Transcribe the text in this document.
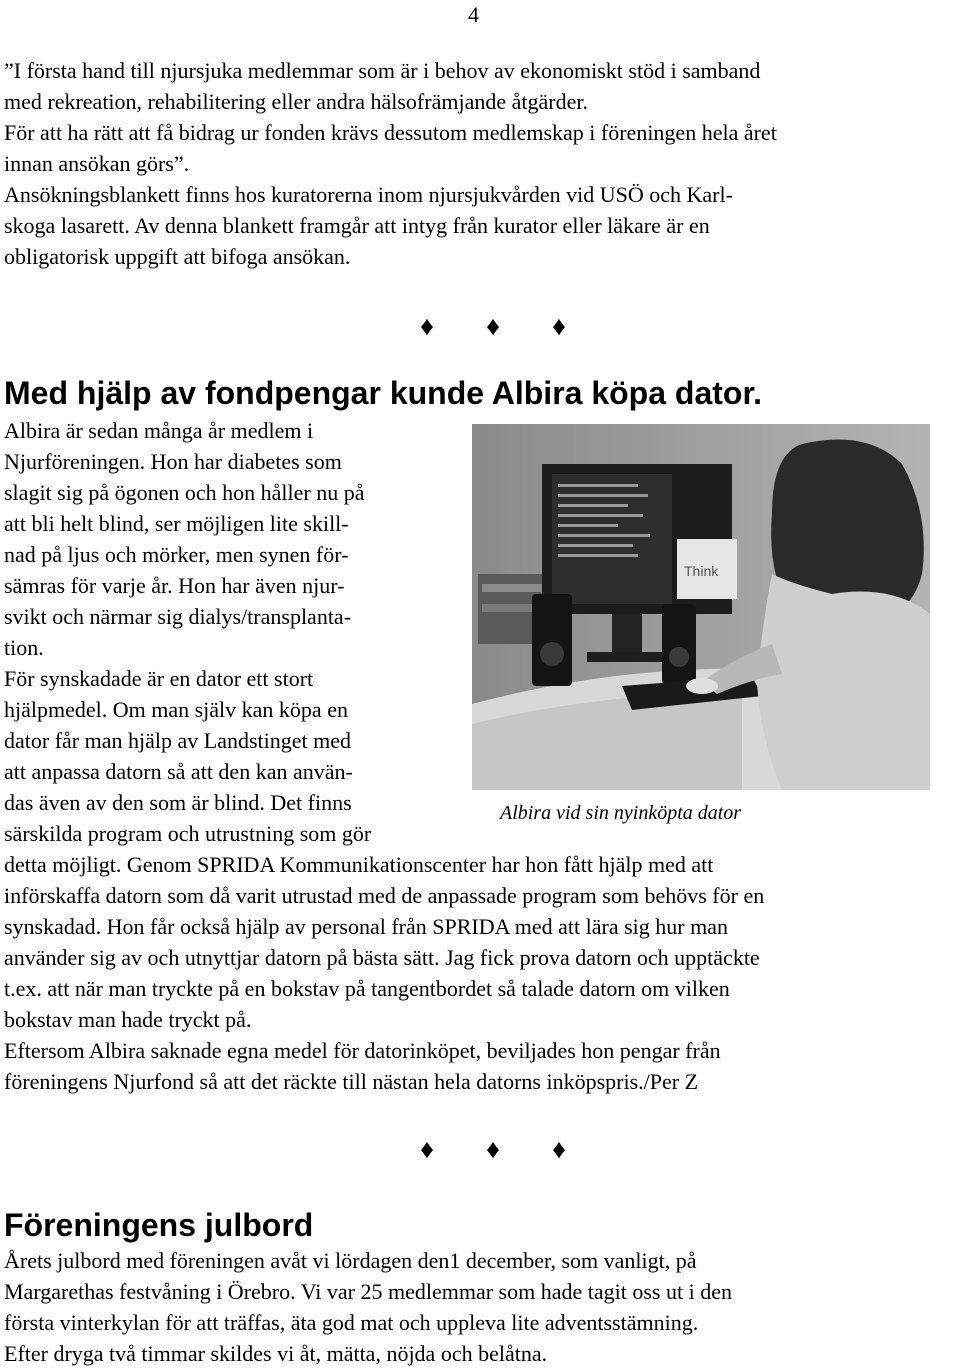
4
”I första hand till njursjuka medlemmar som är i behov av ekonomiskt stöd i samband
med rekreation, rehabilitering eller andra hälsofrämjande åtgärder.
För att ha rätt att få bidrag ur fonden krävs dessutom medlemskap i föreningen hela året
innan ansökan görs”.
Ansökningsblankett finns hos kuratorerna inom njursjukvården vid USÖ och Karl-
skoga lasarett. Av denna blankett framgår att intyg från kurator eller läkare är en
obligatorisk uppgift att bifoga ansökan.
♦ ♦ ♦
Med hjälp av fondpengar kunde Albira köpa dator.
Albira är sedan många år medlem i
Njurföreningen. Hon har diabetes som
slagit sig på ögonen och hon håller nu på
att bli helt blind, ser möjligen lite skill-
nad på ljus och mörker, men synen för-
sämras för varje år. Hon har även njur-
svikt och närmar sig dialys/transplanta-
tion.
För synskadade är en dator ett stort
hjälpmedel. Om man själv kan köpa en
dator får man hjälp av Landstinget med
att anpassa datorn så att den kan använ-
das även av den som är blind. Det finns
särskilda program och utrustning som gör
Think
Albira vid sin nyinköpta dator
detta möjligt. Genom SPRIDA Kommunikationscenter har hon fått hjälp med att
införskaffa datorn som då varit utrustad med de anpassade program som behövs för en
synskadad. Hon får också hjälp av personal från SPRIDA med att lära sig hur man
använder sig av och utnyttjar datorn på bästa sätt. Jag fick prova datorn och upptäckte
t.ex. att när man tryckte på en bokstav på tangentbordet så talade datorn om vilken
bokstav man hade tryckt på.
Eftersom Albira saknade egna medel för datorinköpet, beviljades hon pengar från
föreningens Njurfond så att det räckte till nästan hela datorns inköpspris./Per Z
♦ ♦ ♦
Föreningens julbord
Årets julbord med föreningen avåt vi lördagen den1 december, som vanligt, på
Margarethas festvåning i Örebro. Vi var 25 medlemmar som hade tagit oss ut i den
första vinterkylan för att träffas, äta god mat och uppleva lite adventsstämning.
Efter dryga två timmar skildes vi åt, mätta, nöjda och belåtna.
